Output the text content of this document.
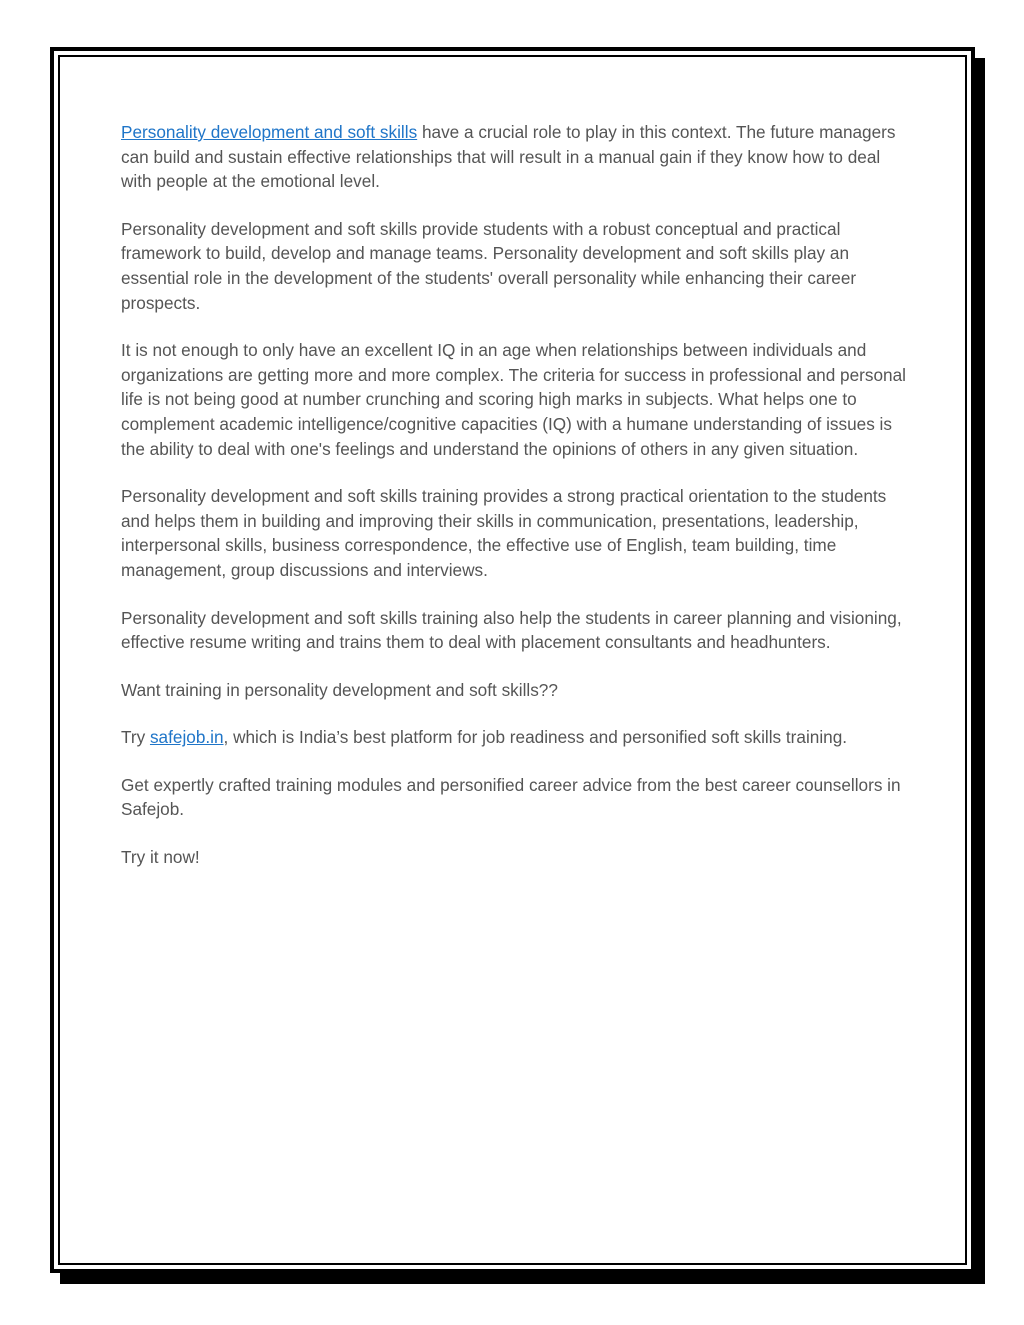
Personality development and soft skills have a crucial role to play in this context. The future managers can build and sustain effective relationships that will result in a manual gain if they know how to deal with people at the emotional level.

Personality development and soft skills provide students with a robust conceptual and practical framework to build, develop and manage teams. Personality development and soft skills play an essential role in the development of the students' overall personality while enhancing their career prospects.

It is not enough to only have an excellent IQ in an age when relationships between individuals and organizations are getting more and more complex. The criteria for success in professional and personal life is not being good at number crunching and scoring high marks in subjects. What helps one to complement academic intelligence/cognitive capacities (IQ) with a humane understanding of issues is the ability to deal with one's feelings and understand the opinions of others in any given situation.

Personality development and soft skills training provides a strong practical orientation to the students and helps them in building and improving their skills in communication, presentations, leadership, interpersonal skills, business correspondence, the effective use of English, team building, time management, group discussions and interviews.

Personality development and soft skills training also help the students in career planning and visioning, effective resume writing and trains them to deal with placement consultants and headhunters.

Want training in personality development and soft skills??

Try safejob.in, which is India’s best platform for job readiness and personified soft skills training.

Get expertly crafted training modules and personified career advice from the best career counsellors in Safejob.

Try it now!
